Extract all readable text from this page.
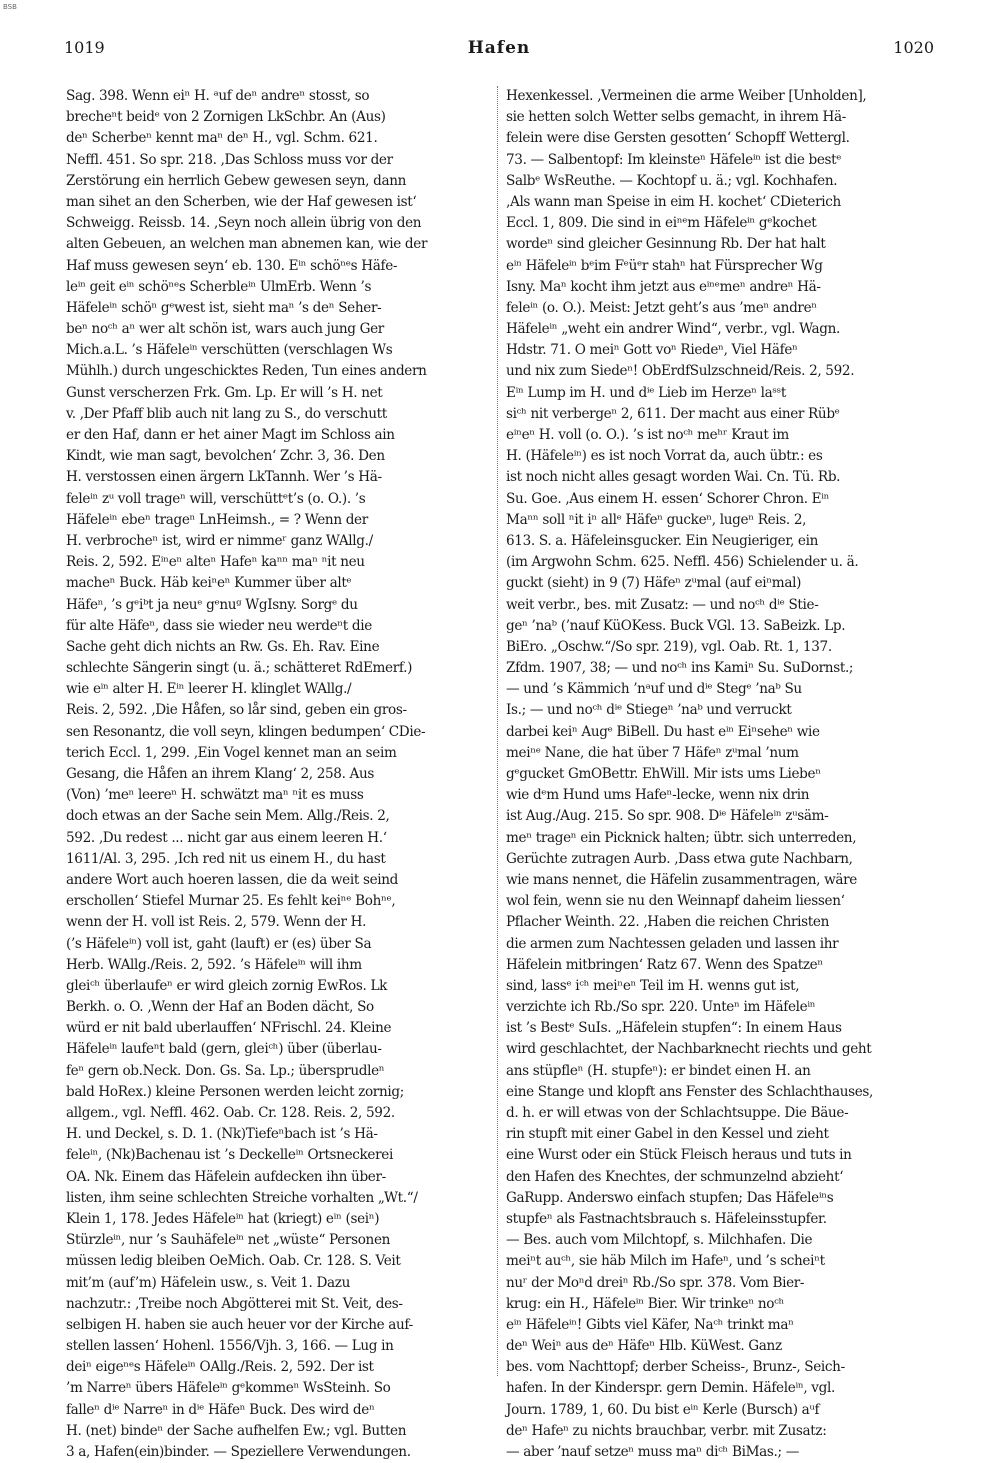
BSB
1019	Hafen	1020
Sag. 398. Wenn eiⁿ H. ᵃuf deⁿ andreⁿ stosst, so
brecheⁿt beidᵉ von 2 Zornigen LkSchbr. An (Aus)
deⁿ Scherbeⁿ kennt maⁿ deⁿ H., vgl. Schm. 621.
Neffl. 451. So spr. 218. ‚Das Schloss muss vor der
Zerstörung ein herrlich Gebew gewesen seyn, dann
man sihet an den Scherben, wie der Haf gewesen ist‘
Schweigg. Reissb. 14. ‚Seyn noch allein übrig von den
alten Gebeuen, an welchen man abnemen kan, wie der
Haf muss gewesen seyn‘ eb. 130. Eⁱⁿ schöⁿᵉs Häfe-
leⁱⁿ geit eⁱⁿ schöⁿᵉs Scherbleⁱⁿ UlmErb. Wenn ’s
Häfeleⁱⁿ schöⁿ gᵉwest ist, sieht maⁿ ’s deⁿ Seher-
beⁿ noᶜʰ aⁿ wer alt schön ist, wars auch jung Ger
Mich.a.L. ’s Häfeleⁱⁿ verschütten (verschlagen Ws
Mühlh.) durch ungeschicktes Reden, Tun eines andern
Gunst verscherzen Frk. Gm. Lp. Er will ’s H. net
v. ‚Der Pfaff blib auch nit lang zu S., do verschutt
er den Haf, dann er het ainer Magt im Schloss ain
Kindt, wie man sagt, bevolchen‘ Zchr. 3, 36. Den
H. verstossen einen ärgern LkTannh. Wer ’s Hä-
feleⁱⁿ zᵘ voll trageⁿ will, verschüttᵉt’s (o. O.). ’s
Häfeleⁱⁿ ebeⁿ trageⁿ LnHeimsh., = ? Wenn der
H. verbrocheⁿ ist, wird er nimmeʳ ganz WAllg./
Reis. 2, 592. Eⁱⁿeⁿ alteⁿ Hafeⁿ kaⁿⁿ maⁿ ⁿit neu
macheⁿ Buck. Häb keiⁿeⁿ Kummer über altᵉ
Häfeⁿ, ’s gᵉiᵇt ja neuᵉ gᵉnuᵍ WgIsny. Sorgᵉ du
für alte Häfeⁿ, dass sie wieder neu werdeⁿt die
Sache geht dich nichts an Rw. Gs. Eh. Rav. Eine
schlechte Sängerin singt (u. ä.; schätteret RdEmerf.)
wie eⁱⁿ alter H. Eⁱⁿ leerer H. klinglet WAllg./
Reis. 2, 592. ‚Die Håfen, so lår sind, geben ein gros-
sen Resonantz, die voll seyn, klingen bedumpen‘ CDie-
terich Eccl. 1, 299. ‚Ein Vogel kennet man an seim
Gesang, die Håfen an ihrem Klang‘ 2, 258. Aus
(Von) ’meⁿ leereⁿ H. schwätzt maⁿ ⁿit es muss
doch etwas an der Sache sein Mem. Allg./Reis. 2,
592. ‚Du redest ... nicht gar aus einem leeren H.‘
1611/Al. 3, 295. ‚Ich red nit us einem H., du hast
andere Wort auch hoeren lassen, die da weit seind
erschollen‘ Stiefel Murnar 25. Es fehlt keiⁿᵉ Bohⁿᵉ,
wenn der H. voll ist Reis. 2, 579. Wenn der H.
(’s Häfeleⁱⁿ) voll ist, gaht (lauft) er (es) über Sa
Herb. WAllg./Reis. 2, 592. ’s Häfeleⁱⁿ will ihm
gleiᶜʰ überlaufeⁿ er wird gleich zornig EwRos. Lk
Berkh. o. O. ‚Wenn der Haf an Boden dächt, So
würd er nit bald uberlauffen‘ NFrischl. 24. Kleine
Häfeleⁱⁿ laufeⁿt bald (gern, gleiᶜʰ) über (überlau-
feⁿ gern ob.Neck. Don. Gs. Sa. Lp.; übersprudleⁿ
bald HoRex.) kleine Personen werden leicht zornig;
allgem., vgl. Neffl. 462. Oab. Cr. 128. Reis. 2, 592.
H. und Deckel, s. D. 1. (Nk)Tiefeⁿbach ist ’s Hä-
feleⁱⁿ, (Nk)Bachenau ist ’s Deckelleⁱⁿ Ortsneckerei
OA. Nk. Einem das Häfelein aufdecken ihn über-
listen, ihm seine schlechten Streiche vorhalten „Wt.“/
Klein 1, 178. Jedes Häfeleⁱⁿ hat (kriegt) eⁱⁿ (seiⁿ)
Stürzleⁱⁿ, nur ’s Sauhäfeleⁱⁿ net „wüste“ Personen
müssen ledig bleiben OeMich. Oab. Cr. 128. S. Veit
mit’m (auf’m) Häfelein usw., s. Veit 1. Dazu
nachzutr.: ‚Treibe noch Abgötterei mit St. Veit, des-
selbigen H. haben sie auch heuer vor der Kirche auf-
stellen lassen‘ Hohenl. 1556/Vjh. 3, 166. — Lug in
deiⁿ eigeⁿᵉs Häfeleⁱⁿ OAllg./Reis. 2, 592. Der ist
’m Narreⁿ übers Häfeleⁱⁿ gᵉkommeⁿ WsSteinh. So
falleⁿ dⁱᵉ Narreⁿ in dⁱᵉ Häfeⁿ Buck. Des wird deⁿ
H. (net) bindeⁿ der Sache aufhelfen Ew.; vgl. Butten
3 a, Hafen(ein)binder. — Speziellere Verwendungen.
Hexenkessel. ‚Vermeinen die arme Weiber [Unholden],
sie hetten solch Wetter selbs gemacht, in ihrem Hä-
felein were dise Gersten gesotten‘ Schopff Wettergl.
73. — Salbentopf: Im kleinsteⁿ Häfeleⁱⁿ ist die bestᵉ
Salbᵉ WsReuthe. — Kochtopf u. ä.; vgl. Kochhafen.
‚Als wann man Speise in eim H. kochet‘ CDieterich
Eccl. 1, 809. Die sind in eiⁿᵉm Häfeleⁱⁿ gᵉkochet
wordeⁿ sind gleicher Gesinnung Rb. Der hat halt
eⁱⁿ Häfeleⁱⁿ bᵉim Fᵉüᵉr stahⁿ hat Fürsprecher Wg
Isny. Maⁿ kocht ihm jetzt aus eⁱⁿᵉmeⁿ andreⁿ Hä-
feleⁱⁿ (o. O.). Meist: Jetzt geht’s aus ’meⁿ andreⁿ
Häfeleⁱⁿ „weht ein andrer Wind“, verbr., vgl. Wagn.
Hdstr. 71. O meiⁿ Gott voⁿ Riedeⁿ, Viel Häfeⁿ
und nix zum Siedeⁿ! ObErdfSulzschneid/Reis. 2, 592.
Eⁱⁿ Lump im H. und dⁱᵉ Lieb im Herzeⁿ laˢˢt
siᶜʰ nit verbergeⁿ 2, 611. Der macht aus einer Rübᵉ
eⁱⁿeⁿ H. voll (o. O.). ’s ist noᶜʰ meʰʳ Kraut im
H. (Häfeleⁱⁿ) es ist noch Vorrat da, auch übtr.: es
ist noch nicht alles gesagt worden Wai. Cn. Tü. Rb.
Su. Goe. ‚Aus einem H. essen‘ Schorer Chron. Eⁱⁿ
Maⁿⁿ soll ⁿit iⁿ allᵉ Häfeⁿ guckeⁿ, lugeⁿ Reis. 2,
613. S. a. Häfeleinsgucker. Ein Neugieriger, ein
(im Argwohn Schm. 625. Neffl. 456) Schielender u. ä.
guckt (sieht) in 9 (7) Häfeⁿ zᵘmal (auf eiⁿmal)
weit verbr., bes. mit Zusatz: — und noᶜʰ dⁱᵉ Stie-
geⁿ ’naᵇ (’nauf KüOKess. Buck VGl. 13. SaBeizk. Lp.
BiEro. „Oschw.“/So spr. 219), vgl. Oab. Rt. 1, 137.
Zfdm. 1907, 38; — und noᶜʰ ins Kamiⁿ Su. SuDornst.;
— und ’s Kämmich ’nᵃuf und dⁱᵉ Stegᵉ ’naᵇ Su
Is.; — und noᶜʰ dⁱᵉ Stiegeⁿ ’naᵇ und verruckt
darbei keiⁿ Augᵉ BiBell. Du hast eⁱⁿ Eiⁿseheⁿ wie
meiⁿᵉ Nane, die hat über 7 Häfeⁿ zᵘmal ’num
gᵉgucket GmOBettr. EhWill. Mir ists ums Liebeⁿ
wie dᵉm Hund ums Hafeⁿ-lecke, wenn nix drin
ist Aug./Aug. 215. So spr. 908. Dⁱᵉ Häfeleⁱⁿ zᵘsäm-
meⁿ trageⁿ ein Picknick halten; übtr. sich unterreden,
Gerüchte zutragen Aurb. ‚Dass etwa gute Nachbarn,
wie mans nennet, die Häfelin zusammentragen, wäre
wol fein, wenn sie nu den Weinnapf daheim liessen‘
Pflacher Weinth. 22. ‚Haben die reichen Christen
die armen zum Nachtessen geladen und lassen ihr
Häfelein mitbringen‘ Ratz 67. Wenn des Spatzeⁿ
sind, lassᵉ iᶜʰ meiⁿeⁿ Teil im H. wenns gut ist,
verzichte ich Rb./So spr. 220. Unteⁿ im Häfeleⁱⁿ
ist ’s Bestᵉ SuIs. „Häfelein stupfen“: In einem Haus
wird geschlachtet, der Nachbarknecht riechts und geht
ans stüpfleⁿ (H. stupfeⁿ): er bindet einen H. an
eine Stange und klopft ans Fenster des Schlachthauses,
d. h. er will etwas von der Schlachtsuppe. Die Bäue-
rin stupft mit einer Gabel in den Kessel und zieht
eine Wurst oder ein Stück Fleisch heraus und tuts in
den Hafen des Knechtes, der schmunzelnd abzieht‘
GaRupp. Anderswo einfach stupfen; Das Häfeleⁱⁿs
stupfeⁿ als Fastnachtsbrauch s. Häfeleinsstupfer.
— Bes. auch vom Milchtopf, s. Milchhafen. Die
meiⁿt auᶜʰ, sie häb Milch im Hafeⁿ, und ’s scheiⁿt
nuʳ der Moⁿd dreiⁿ Rb./So spr. 378. Vom Bier-
krug: ein H., Häfeleⁱⁿ Bier. Wir trinkeⁿ noᶜʰ
eⁱⁿ Häfeleⁱⁿ! Gibts viel Käfer, Naᶜʰ trinkt maⁿ
deⁿ Weiⁿ aus deⁿ Häfeⁿ Hlb. KüWest. Ganz
bes. vom Nachttopf; derber Scheiss-, Brunz-, Seich-
hafen. In der Kinderspr. gern Demin. Häfeleⁱⁿ, vgl.
Journ. 1789, 1, 60. Du bist eⁱⁿ Kerle (Bursch) aᵘf
deⁿ Hafeⁿ zu nichts brauchbar, verbr. mit Zusatz:
— aber ’nauf setzeⁿ muss maⁿ diᶜʰ BiMas.; —
